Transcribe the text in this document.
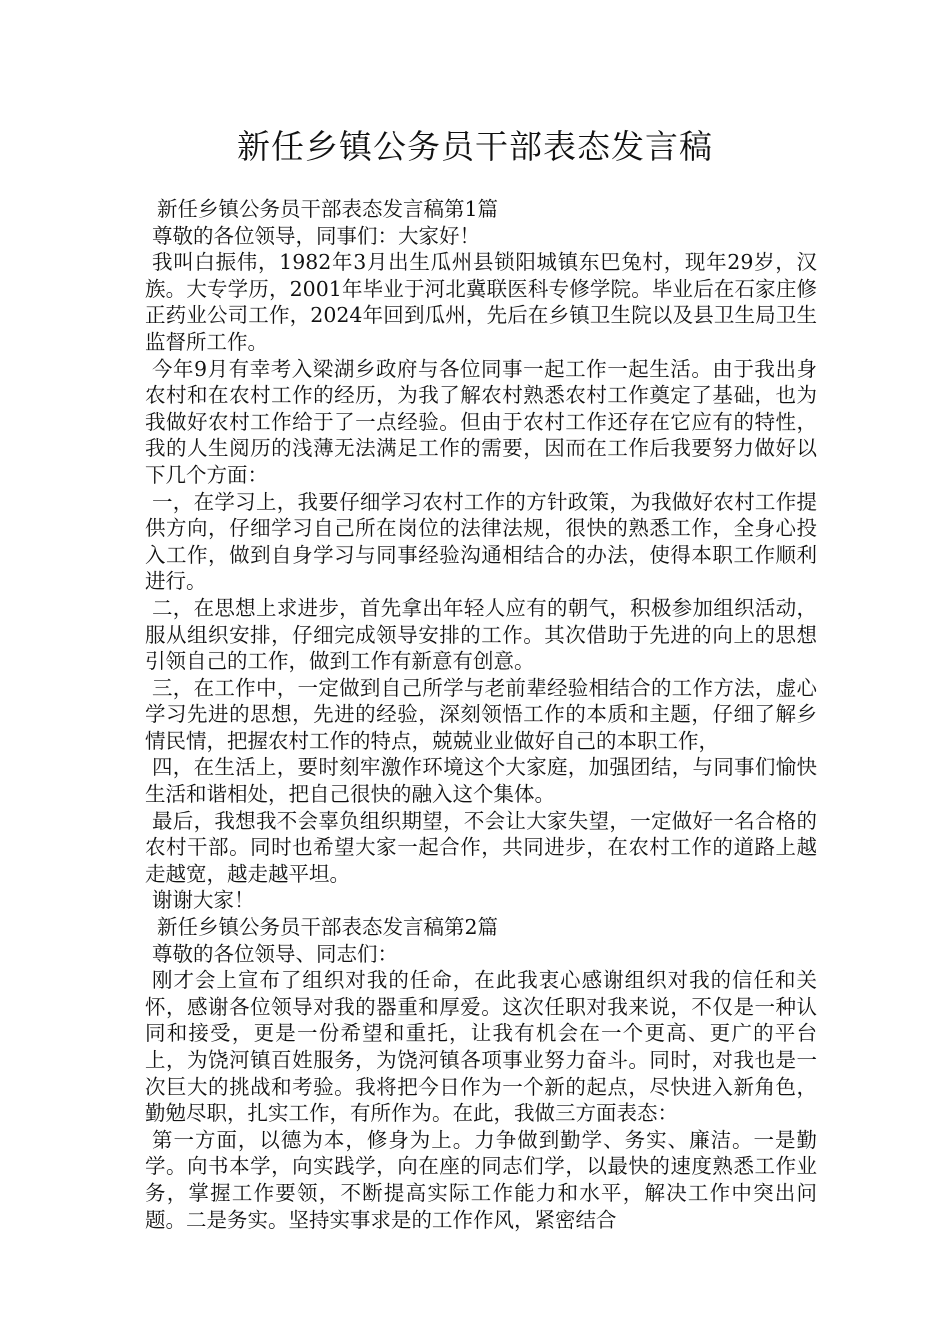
新任乡镇公务员干部表态发言稿

新任乡镇公务员干部表态发言稿第1篇

尊敬的各位领导，同事们：大家好！

我叫白振伟，1982年3月出生瓜州县锁阳城镇东巴兔村，现年29岁，汉族。大专学历，2001年毕业于河北冀联医科专修学院。毕业后在石家庄修正药业公司工作，2024年回到瓜州，先后在乡镇卫生院以及县卫生局卫生监督所工作。

今年9月有幸考入梁湖乡政府与各位同事一起工作一起生活。由于我出身农村和在农村工作的经历，为我了解农村熟悉农村工作奠定了基础，也为我做好农村工作给于了一点经验。但由于农村工作还存在它应有的特性，我的人生阅历的浅薄无法满足工作的需要，因而在工作后我要努力做好以下几个方面：

一，在学习上，我要仔细学习农村工作的方针政策，为我做好农村工作提供方向，仔细学习自己所在岗位的法律法规，很快的熟悉工作，全身心投入工作，做到自身学习与同事经验沟通相结合的办法，使得本职工作顺利进行。

二，在思想上求进步，首先拿出年轻人应有的朝气，积极参加组织活动，服从组织安排，仔细完成领导安排的工作。其次借助于先进的向上的思想引领自己的工作，做到工作有新意有创意。

三，在工作中，一定做到自己所学与老前辈经验相结合的工作方法，虚心学习先进的思想，先进的经验，深刻领悟工作的本质和主题，仔细了解乡情民情，把握农村工作的特点，兢兢业业做好自己的本职工作，

四，在生活上，要时刻牢激作环境这个大家庭，加强团结，与同事们愉快生活和谐相处，把自己很快的融入这个集体。

最后，我想我不会辜负组织期望，不会让大家失望，一定做好一名合格的农村干部。同时也希望大家一起合作，共同进步，在农村工作的道路上越走越宽，越走越平坦。

谢谢大家！

新任乡镇公务员干部表态发言稿第2篇

尊敬的各位领导、同志们：

刚才会上宣布了组织对我的任命，在此我衷心感谢组织对我的信任和关怀，感谢各位领导对我的器重和厚爱。这次任职对我来说，不仅是一种认同和接受，更是一份希望和重托，让我有机会在一个更高、更广的平台上，为饶河镇百姓服务，为饶河镇各项事业努力奋斗。同时，对我也是一次巨大的挑战和考验。我将把今日作为一个新的起点，尽快进入新角色，勤勉尽职，扎实工作，有所作为。在此，我做三方面表态：

第一方面，以德为本，修身为上。力争做到勤学、务实、廉洁。一是勤学。向书本学，向实践学，向在座的同志们学，以最快的速度熟悉工作业务，掌握工作要领，不断提高实际工作能力和水平，解决工作中突出问题。二是务实。坚持实事求是的工作作风，紧密结合
